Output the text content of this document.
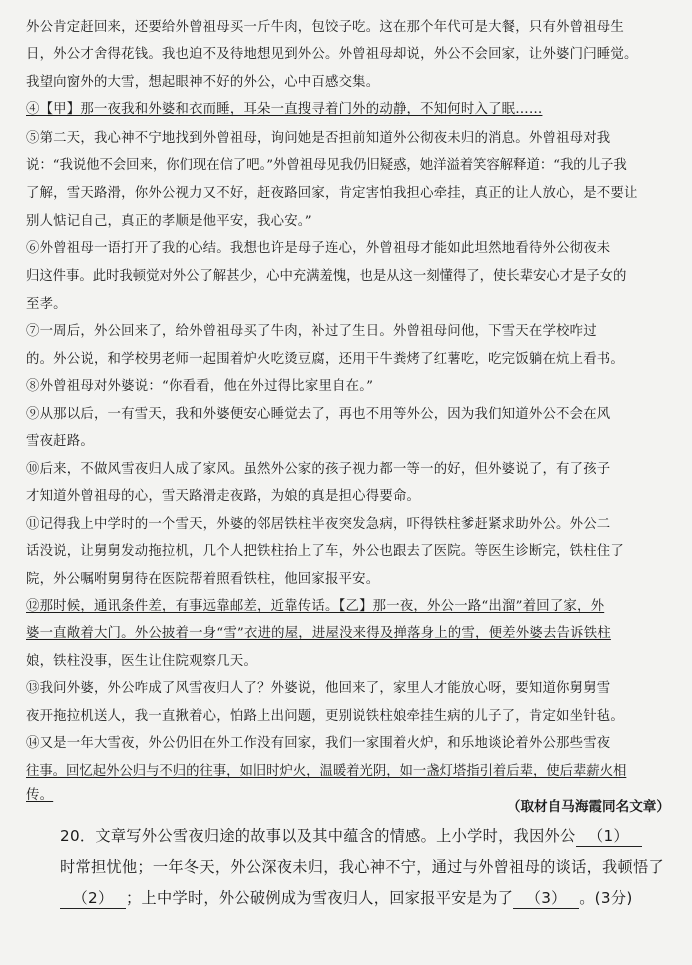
外公肯定赶回来，还要给外曾祖母买一斤牛肉，包饺子吃。这在那个年代可是大餐，只有外曾祖母生
日，外公才舍得花钱。我也迫不及待地想见到外公。外曾祖母却说，外公不会回家，让外婆门闩睡觉。
我望向窗外的大雪，想起眼神不好的外公，心中百感交集。
④【甲】那一夜我和外婆和衣而睡，耳朵一直搜寻着门外的动静，不知何时入了眠……
⑤第二天，我心神不宁地找到外曾祖母，询问她是否担前知道外公彻夜未归的消息。外曾祖母对我
说：“我说他不会回来，你们现在信了吧。”外曾祖母见我仍旧疑惑，她洋溢着笑容解释道：“我的儿子我
了解，雪天路滑，你外公视力又不好，赶夜路回家，肯定害怕我担心牵挂，真正的让人放心，是不要让
别人惦记自己，真正的孝顺是他平安，我心安。”
⑥外曾祖母一语打开了我的心结。我想也许是母子连心，外曾祖母才能如此坦然地看待外公彻夜未
归这件事。此时我顿觉对外公了解甚少，心中充满羞愧，也是从这一刻懂得了，使长辈安心才是子女的
至孝。
⑦一周后，外公回来了，给外曾祖母买了牛肉，补过了生日。外曾祖母问他，下雪天在学校咋过
的。外公说，和学校男老师一起围着炉火吃烫豆腐，还用干牛粪烤了红薯吃，吃完饭躺在炕上看书。
⑧外曾祖母对外婆说：“你看看，他在外过得比家里自在。”
⑨从那以后，一有雪天，我和外婆便安心睡觉去了，再也不用等外公，因为我们知道外公不会在风
雪夜赶路。
⑩后来，不做风雪夜归人成了家风。虽然外公家的孩子视力都一等一的好，但外婆说了，有了孩子
才知道外曾祖母的心，雪天路滑走夜路，为娘的真是担心得要命。
⑪记得我上中学时的一个雪天，外婆的邻居铁柱半夜突发急病，吓得铁柱爹赶紧求助外公。外公二
话没说，让舅舅发动拖拉机，几个人把铁柱抬上了车，外公也跟去了医院。等医生诊断完，铁柱住了
院，外公嘱咐舅舅待在医院帮着照看铁柱，他回家报平安。
⑫那时候，通讯条件差，有事远靠邮差，近靠传话。【乙】那一夜，外公一路“出溜”着回了家，外
婆一直敞着大门。外公披着一身“雪”衣进的屋，进屋没来得及掸落身上的雪，便差外婆去告诉铁柱
娘，铁柱没事，医生让住院观察几天。
⑬我问外婆，外公咋成了风雪夜归人了？外婆说，他回来了，家里人才能放心呀，要知道你舅舅雪
夜开拖拉机送人，我一直揪着心，怕路上出问题，更别说铁柱娘牵挂生病的儿子了，肯定如坐针毡。
⑭又是一年大雪夜，外公仍旧在外工作没有回家，我们一家围着火炉，和乐地谈论着外公那些雪夜
往事。回忆起外公归与不归的往事，如旧时炉火，温暖着光阴，如一盏灯塔指引着后辈，使后辈薪火相
传。
（取材自马海霞同名文章）
20．文章写外公雪夜归途的故事以及其中蕴含的情感。上小学时，我因外公 （1）
时常担忧他；一年冬天，外公深夜未归，我心神不宁，通过与外曾祖母的谈话，我顿悟了
（2） ；上中学时，外公破例成为雪夜归人，回家报平安是为了 （3） 。(3分)
